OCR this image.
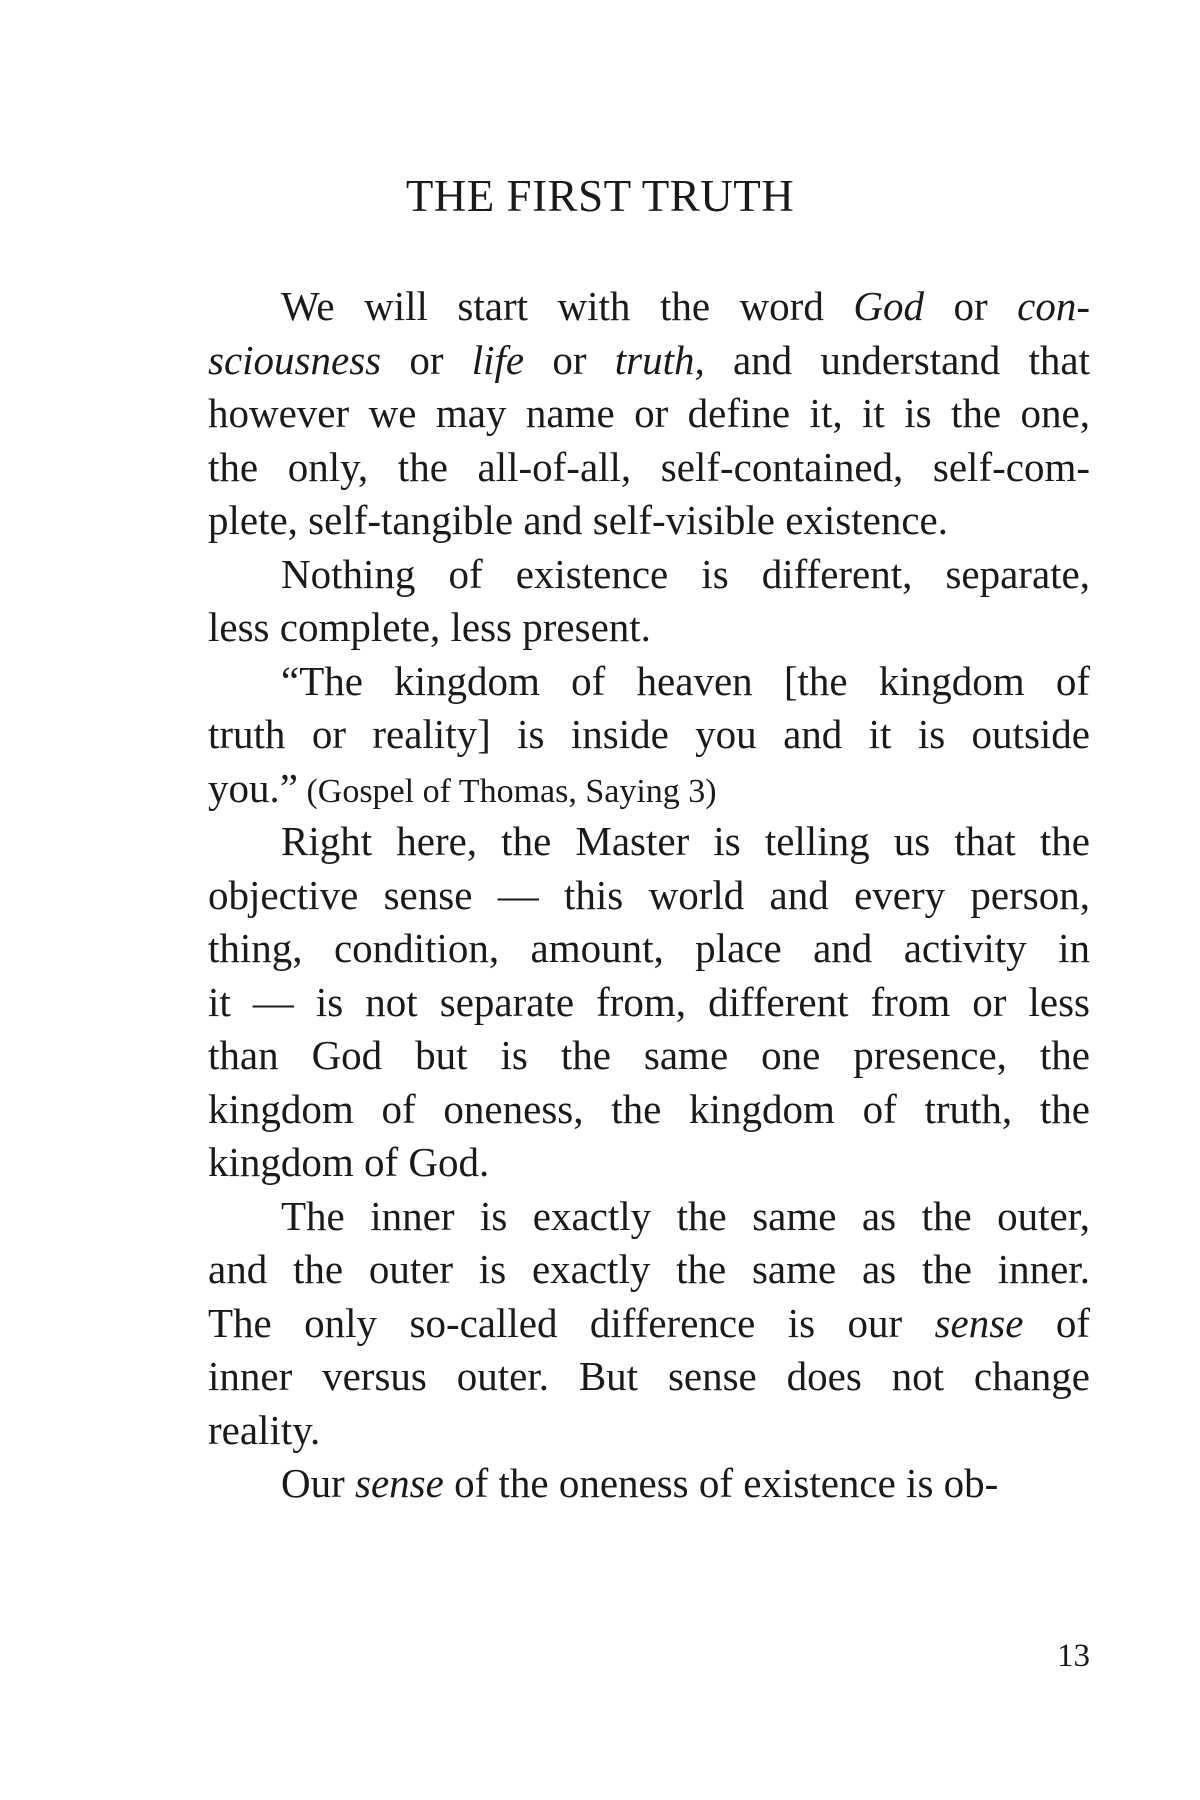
THE FIRST TRUTH
We will start with the word God or con-
sciousness or life or truth, and understand that
however we may name or define it, it is the one,
the only, the all-of-all, self-contained, self-com-
plete, self-tangible and self-visible existence.
Nothing of existence is different, separate,
less complete, less present.
“The kingdom of heaven [the kingdom of
truth or reality] is inside you and it is outside
you.” (Gospel of Thomas, Saying 3)
Right here, the Master is telling us that the
objective sense — this world and every person,
thing, condition, amount, place and activity in
it — is not separate from, different from or less
than God but is the same one presence, the
kingdom of oneness, the kingdom of truth, the
kingdom of God.
The inner is exactly the same as the outer,
and the outer is exactly the same as the inner.
The only so-called difference is our sense of
inner versus outer. But sense does not change
reality.
Our sense of the oneness of existence is ob-
13
